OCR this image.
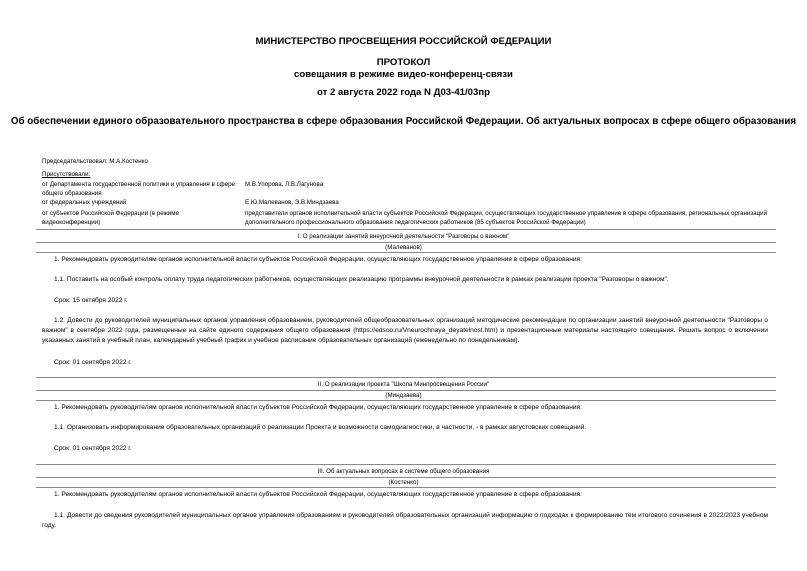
МИНИСТЕРСТВО ПРОСВЕЩЕНИЯ РОССИЙСКОЙ ФЕДЕРАЦИИ
ПРОТОКОЛ
совещания в режиме видео-конференц-связи
от 2 августа 2022 года N Д03-41/03пр
Об обеспечении единого образовательного пространства в сфере образования Российской Федерации. Об актуальных вопросах в сфере общего образования
Председательствовал: М.А.Костенко
Присутствовали:
от Департамента государственной политики и управления в сфере общего образования
М.В.Упорова, Л.В.Лагунова
от федеральных учреждений	Е.Ю.Малеванов, Э.В.Миндзаева
от субъектов Российской Федерации (в режиме видеоконференции)
представители органов исполнительной власти субъектов Российской Федерации, осуществляющих государственное управление в сфере образования, региональных организаций дополнительного профессионального образования педагогических работников (85 субъектов Российской Федерации)
I. О реализации занятий внеурочной деятельности "Разговоры о важном"
(Малеванов)
1. Рекомендовать руководителям органов исполнительной власти субъектов Российской Федерации, осуществляющих государственное управление в сфере образования:
1.1. Поставить на особый контроль оплату труда педагогических работников, осуществляющих реализацию программы внеурочной деятельности в рамках реализации проекта "Разговоры о важном".
Срок: 15 октября 2022 г.
1.2. Довести до руководителей муниципальных органов управления образованием, руководителей общеобразовательных организаций методические рекомендации по организации занятий внеурочной деятельности "Разговоры о важном" в сентябре 2022 года, размещенные на сайте единого содержания общего образования (https://edsoo.ru/Vneurochnaya_deyatelnost.htm) и презентационные материалы настоящего совещания. Решить вопрос о включении указанных занятий в учебный план, календарный учебный график и учебное расписание образовательных организаций (еженедельно по понедельникам).
Срок: 01 сентября 2022 г.
II. О реализации проекта "Школа Минпросвещения России"
(Миндзаева)
1. Рекомендовать руководителям органов исполнительной власти субъектов Российской Федерации, осуществляющих государственное управление в сфере образования:
1.1. Организовать информирование образовательных организаций о реализации Проекта и возможности самодиагностики, в частности, - в рамках августовских совещаний.
Срок: 01 сентября 2022 г.
III. Об актуальных вопросах в системе общего образования
(Костенко)
1. Рекомендовать руководителям органов исполнительной власти субъектов Российской Федерации, осуществляющих государственное управление в сфере образования:
1.1. Довести до сведения руководителей муниципальных органов управления образованием и руководителей образовательных организаций информацию о подходах к формированию тем итогового сочинения в 2022/2023 учебном году.
